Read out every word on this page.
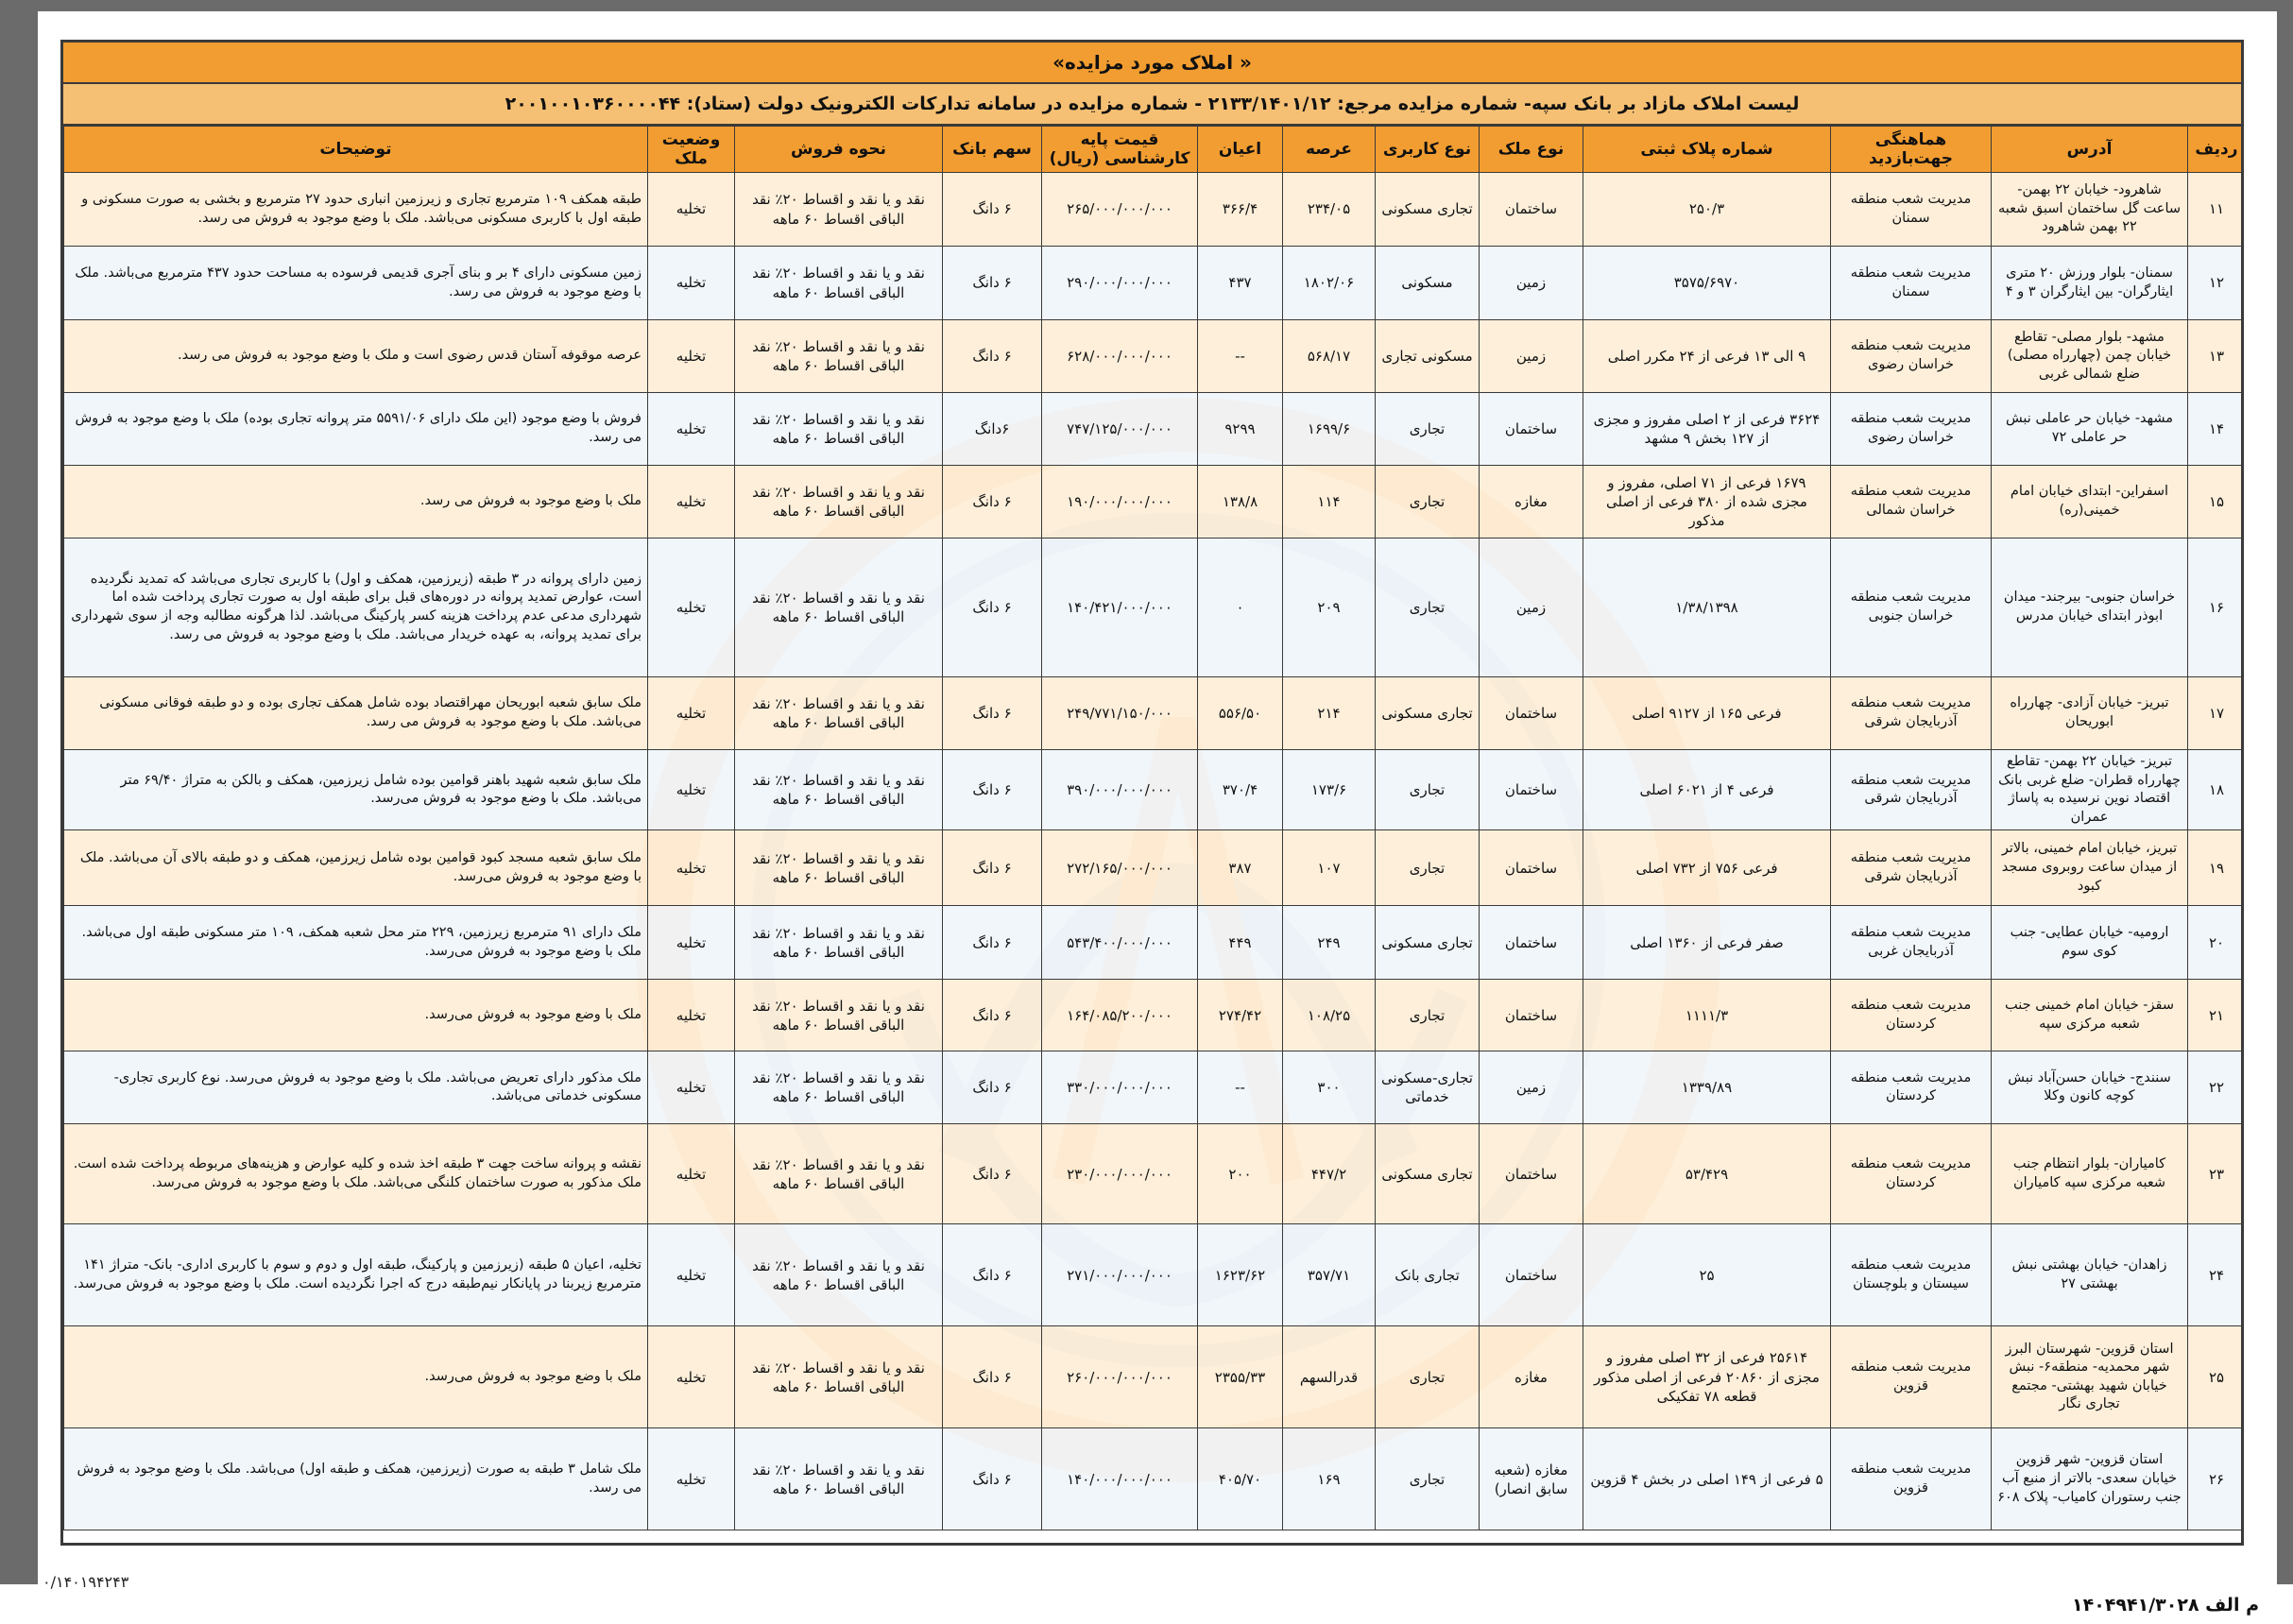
« املاک مورد مزایده»
لیست املاک مازاد بر بانک سپه- شماره مزایده مرجع: ۲۱۳۳/۱۴۰۱/۱۲ - شماره مزایده در سامانه تدارکات الکترونیک دولت (ستاد): ۲۰۰۱۰۰۱۰۳۶۰۰۰۰۴۴
ردیف	آدرس	هماهنگی جهت‌بازدید	شماره پلاک ثبتی	نوع ملک	نوع کاربری	عرصه	اعیان	قیمت پایه کارشناسی (ریال)	سهم بانک	نحوه فروش	وضعیت ملک	توضیحات
۱۱	شاهرود- خیابان ۲۲ بهمن- ساعت گل ساختمان اسبق شعبه ۲۲ بهمن شاهرود	مدیریت شعب منطقه سمنان	۲۵۰/۳	ساختمان	تجاری مسکونی	۲۳۴/۰۵	۳۶۶/۴	۲۶۵/۰۰۰/۰۰۰/۰۰۰	۶ دانگ	نقد و یا نقد و اقساط ۲۰٪ نقد الباقی اقساط ۶۰ ماهه	تخلیه	طبقه همکف ۱۰۹ مترمربع تجاری و زیرزمین انباری حدود ۲۷ مترمربع و بخشی به صورت مسکونی و طبقه اول با کاربری مسکونی می‌باشد. ملک با وضع موجود به فروش می رسد.
۱۲	سمنان- بلوار ورزش ۲۰ متری ایثارگران- بین ایثارگران ۳ و ۴	مدیریت شعب منطقه سمنان	۳۵۷۵/۶۹۷۰	زمین	مسکونی	۱۸۰۲/۰۶	۴۳۷	۲۹۰/۰۰۰/۰۰۰/۰۰۰	۶ دانگ	نقد و یا نقد و اقساط ۲۰٪ نقد الباقی اقساط ۶۰ ماهه	تخلیه	زمین مسکونی دارای ۴ بر و بنای آجری قدیمی فرسوده به مساحت حدود ۴۳۷ مترمربع می‌باشد. ملک با وضع موجود به فروش می رسد.
۱۳	مشهد- بلوار مصلی- تقاطع خیابان چمن (چهارراه مصلی) ضلع شمالی غربی	مدیریت شعب منطقه خراسان رضوی	۹ الی ۱۳ فرعی از ۲۴ مکرر اصلی	زمین	مسکونی تجاری	۵۶۸/۱۷	--	۶۲۸/۰۰۰/۰۰۰/۰۰۰	۶ دانگ	نقد و یا نقد و اقساط ۲۰٪ نقد الباقی اقساط ۶۰ ماهه	تخلیه	عرصه موقوفه آستان قدس رضوی است و ملک با وضع موجود به فروش می رسد.
۱۴	مشهد- خیابان حر عاملی نبش حر عاملی ۷۲	مدیریت شعب منطقه خراسان رضوی	۳۶۲۴ فرعی از ۲ اصلی مفروز و مجزی از ۱۲۷ بخش ۹ مشهد	ساختمان	تجاری	۱۶۹۹/۶	۹۲۹۹	۷۴۷/۱۲۵/۰۰۰/۰۰۰	۶دانگ	نقد و یا نقد و اقساط ۲۰٪ نقد الباقی اقساط ۶۰ ماهه	تخلیه	فروش با وضع موجود (این ملک دارای ۵۵۹۱/۰۶ متر پروانه تجاری بوده) ملک با وضع موجود به فروش می رسد.
۱۵	اسفراین- ابتدای خیابان امام خمینی(ره)	مدیریت شعب منطقه خراسان شمالی	۱۶۷۹ فرعی از ۷۱ اصلی، مفروز و مجزی شده از ۳۸۰ فرعی از اصلی مذکور	مغازه	تجاری	۱۱۴	۱۳۸/۸	۱۹۰/۰۰۰/۰۰۰/۰۰۰	۶ دانگ	نقد و یا نقد و اقساط ۲۰٪ نقد الباقی اقساط ۶۰ ماهه	تخلیه	ملک با وضع موجود به فروش می رسد.
۱۶	خراسان جنوبی- بیرجند- میدان ابوذر ابتدای خیابان مدرس	مدیریت شعب منطقه خراسان جنوبی	۱/۳۸/۱۳۹۸	زمین	تجاری	۲۰۹	۰	۱۴۰/۴۲۱/۰۰۰/۰۰۰	۶ دانگ	نقد و یا نقد و اقساط ۲۰٪ نقد الباقی اقساط ۶۰ ماهه	تخلیه	زمین دارای پروانه در ۳ طبقه (زیرزمین، همکف و اول) با کاربری تجاری می‌باشد که تمدید نگردیده است، عوارض تمدید پروانه در دوره‌های قبل برای طبقه اول به صورت تجاری پرداخت شده اما شهرداری مدعی عدم پرداخت هزینه کسر پارکینگ می‌باشد. لذا هرگونه مطالبه وجه از سوی شهرداری برای تمدید پروانه، به عهده خریدار می‌باشد. ملک با وضع موجود به فروش می رسد.
۱۷	تبریز- خیابان آزادی- چهارراه ابوریحان	مدیریت شعب منطقه آذربایجان شرقی	فرعی ۱۶۵ از ۹۱۲۷ اصلی	ساختمان	تجاری مسکونی	۲۱۴	۵۵۶/۵۰	۲۴۹/۷۷۱/۱۵۰/۰۰۰	۶ دانگ	نقد و یا نقد و اقساط ۲۰٪ نقد الباقی اقساط ۶۰ ماهه	تخلیه	ملک سابق شعبه ابوریحان مهراقتصاد بوده شامل همکف تجاری بوده و دو طبقه فوقانی مسکونی می‌باشد. ملک با وضع موجود به فروش می رسد.
۱۸	تبریز- خیابان ۲۲ بهمن- تقاطع چهارراه قطران- ضلع غربی بانک اقتصاد نوین نرسیده به پاساژ عمران	مدیریت شعب منطقه آذربایجان شرقی	فرعی ۴ از ۶۰۲۱ اصلی	ساختمان	تجاری	۱۷۳/۶	۳۷۰/۴	۳۹۰/۰۰۰/۰۰۰/۰۰۰	۶ دانگ	نقد و یا نقد و اقساط ۲۰٪ نقد الباقی اقساط ۶۰ ماهه	تخلیه	ملک سابق شعبه شهید باهنر قوامین بوده شامل زیرزمین، همکف و بالکن به متراژ ۶۹/۴۰ متر می‌باشد. ملک با وضع موجود به فروش می‌رسد.
۱۹	تبریز، خیابان امام خمینی، بالاتر از میدان ساعت روبروی مسجد کبود	مدیریت شعب منطقه آذربایجان شرقی	فرعی ۷۵۶ از ۷۳۲ اصلی	ساختمان	تجاری	۱۰۷	۳۸۷	۲۷۲/۱۶۵/۰۰۰/۰۰۰	۶ دانگ	نقد و یا نقد و اقساط ۲۰٪ نقد الباقی اقساط ۶۰ ماهه	تخلیه	ملک سابق شعبه مسجد کبود قوامین بوده شامل زیرزمین، همکف و دو طبقه بالای آن می‌باشد. ملک با وضع موجود به فروش می‌رسد.
۲۰	ارومیه- خیابان عطایی- جنب کوی سوم	مدیریت شعب منطقه آذربایجان غربی	صفر فرعی از ۱۳۶۰ اصلی	ساختمان	تجاری مسکونی	۲۴۹	۴۴۹	۵۴۳/۴۰۰/۰۰۰/۰۰۰	۶ دانگ	نقد و یا نقد و اقساط ۲۰٪ نقد الباقی اقساط ۶۰ ماهه	تخلیه	ملک دارای ۹۱ مترمربع زیرزمین، ۲۲۹ متر محل شعبه همکف، ۱۰۹ متر مسکونی طبقه اول می‌باشد. ملک با وضع موجود به فروش می‌رسد.
۲۱	سقز- خیابان امام خمینی جنب شعبه مرکزی سپه	مدیریت شعب منطقه کردستان	۱۱۱۱/۳	ساختمان	تجاری	۱۰۸/۲۵	۲۷۴/۴۲	۱۶۴/۰۸۵/۲۰۰/۰۰۰	۶ دانگ	نقد و یا نقد و اقساط ۲۰٪ نقد الباقی اقساط ۶۰ ماهه	تخلیه	ملک با وضع موجود به فروش می‌رسد.
۲۲	سنندج- خیابان حسن‌آباد نبش کوچه کانون وکلا	مدیریت شعب منطقه کردستان	۱۳۳۹/۸۹	زمین	تجاری-مسکونی خدماتی	۳۰۰	--	۳۳۰/۰۰۰/۰۰۰/۰۰۰	۶ دانگ	نقد و یا نقد و اقساط ۲۰٪ نقد الباقی اقساط ۶۰ ماهه	تخلیه	ملک مذکور دارای تعریض می‌باشد. ملک با وضع موجود به فروش می‌رسد. نوع کاربری تجاری-مسکونی خدماتی می‌باشد.
۲۳	کامیاران- بلوار انتظام جنب شعبه مرکزی سپه کامیاران	مدیریت شعب منطقه کردستان	۵۳/۴۲۹	ساختمان	تجاری مسکونی	۴۴۷/۲	۲۰۰	۲۳۰/۰۰۰/۰۰۰/۰۰۰	۶ دانگ	نقد و یا نقد و اقساط ۲۰٪ نقد الباقی اقساط ۶۰ ماهه	تخلیه	نقشه و پروانه ساخت جهت ۳ طبقه اخذ شده و کلیه عوارض و هزینه‌های مربوطه پرداخت شده است. ملک مذکور به صورت ساختمان کلنگی می‌باشد. ملک با وضع موجود به فروش می‌رسد.
۲۴	زاهدان- خیابان بهشتی نبش بهشتی ۲۷	مدیریت شعب منطقه سیستان و بلوچستان	۲۵	ساختمان	تجاری بانک	۳۵۷/۷۱	۱۶۲۳/۶۲	۲۷۱/۰۰۰/۰۰۰/۰۰۰	۶ دانگ	نقد و یا نقد و اقساط ۲۰٪ نقد الباقی اقساط ۶۰ ماهه	تخلیه	تخلیه، اعیان ۵ طبقه (زیرزمین و پارکینگ، طبقه اول و دوم و سوم با کاربری اداری- بانک- متراژ ۱۴۱ مترمربع زیربنا در پایانکار نیم‌طبقه درج که اجرا نگردیده است. ملک با وضع موجود به فروش می‌رسد.
۲۵	استان قزوین- شهرستان البرز شهر محمدیه- منطقه۶- نبش خیابان شهید بهشتی- مجتمع تجاری نگار	مدیریت شعب منطقه قزوین	۲۵۶۱۴ فرعی از ۳۲ اصلی مفروز و مجزی از ۲۰۸۶۰ فرعی از اصلی مذکور قطعه ۷۸ تفکیکی	مغازه	تجاری	قدرالسهم	۲۳۵۵/۳۳	۲۶۰/۰۰۰/۰۰۰/۰۰۰	۶ دانگ	نقد و یا نقد و اقساط ۲۰٪ نقد الباقی اقساط ۶۰ ماهه	تخلیه	ملک با وضع موجود به فروش می‌رسد.
۲۶	استان قزوین- شهر قزوین خیابان سعدی- بالاتر از منبع آب جنب رستوران کامیاب- پلاک ۶۰۸	مدیریت شعب منطقه قزوین	۵ فرعی از ۱۴۹ اصلی در بخش ۴ قزوین	مغازه (شعبه سابق انصار)	تجاری	۱۶۹	۴۰۵/۷۰	۱۴۰/۰۰۰/۰۰۰/۰۰۰	۶ دانگ	نقد و یا نقد و اقساط ۲۰٪ نقد الباقی اقساط ۶۰ ماهه	تخلیه	ملک شامل ۳ طبقه به صورت (زیرزمین، همکف و طبقه اول) می‌باشد. ملک با وضع موجود به فروش می رسد.
۰/۱۴۰۱۹۴۲۴۳
م الف ۱۴۰۴۹۴۱/۳۰۲۸
